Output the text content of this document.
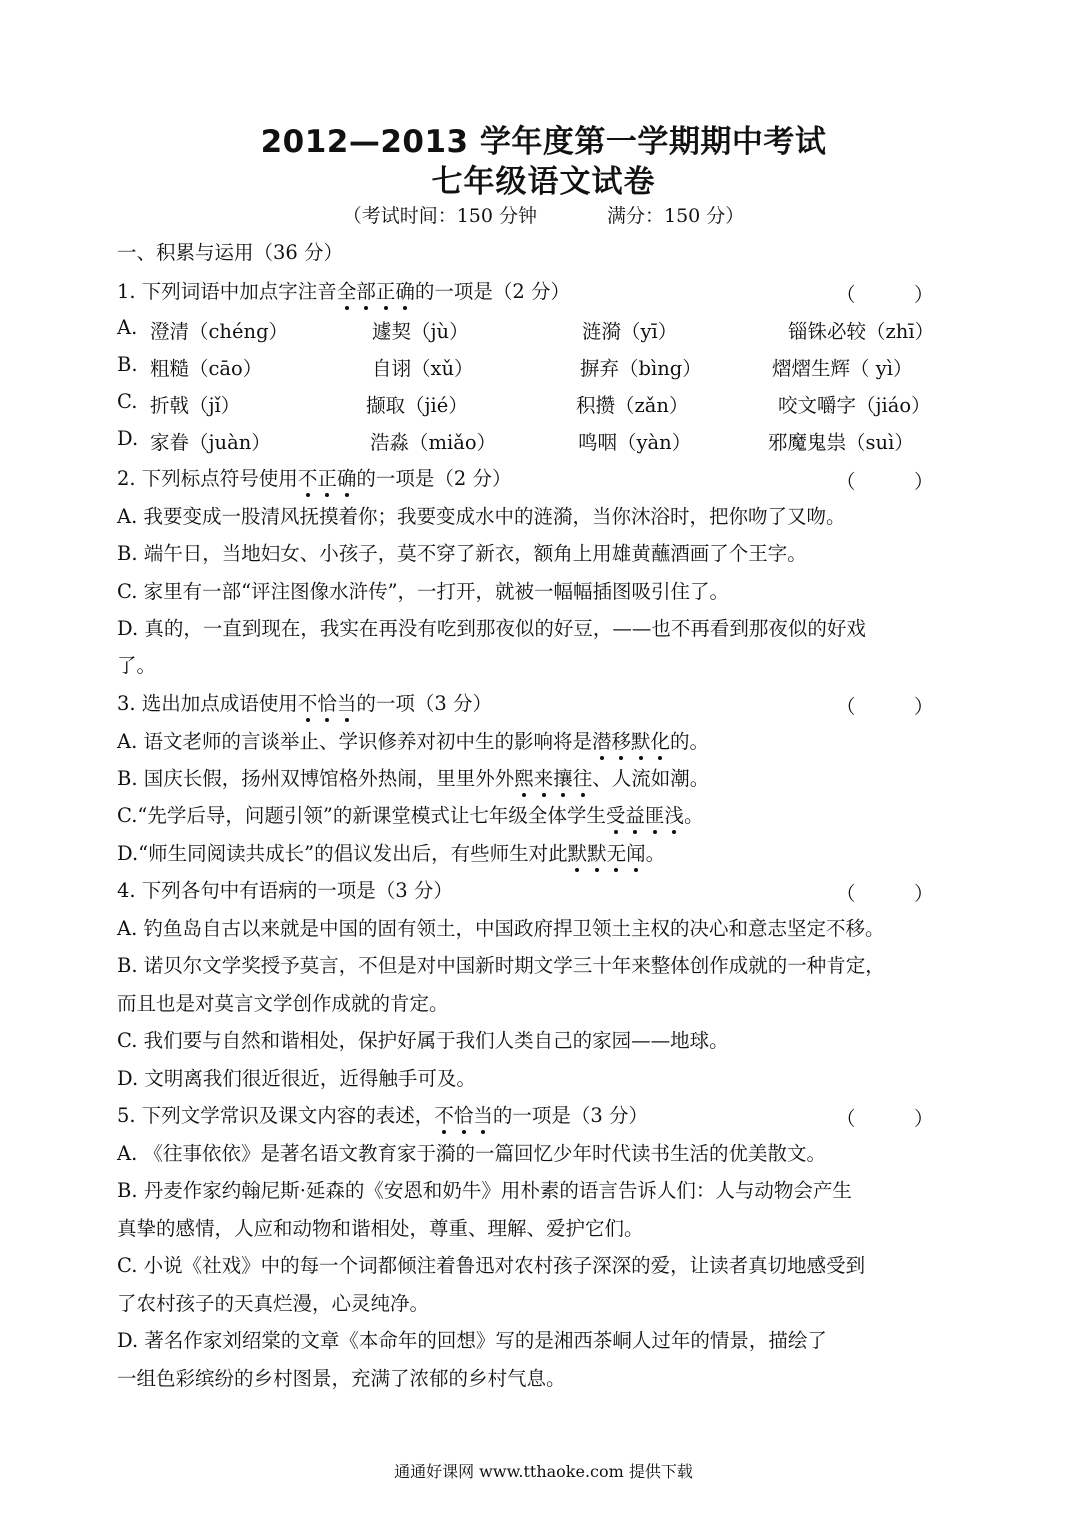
2012—2013 学年度第一学期期中考试
七年级语文试卷
（考试时间：150 分钟	满分：150 分）
一、积累与运用（36 分）
1. 下列词语中加点字注音全部正确的一项是（2 分）	（　　　）
A. 澄清（chéng）	遽契（jù）	涟漪（yī）	锱铢必较（zhī）
B. 粗糙（cāo）	自诩（xǔ）	摒弃（bìng）	熠熠生辉（ yì）
C. 折戟（jǐ）	撷取（jié）	积攒（zǎn）	咬文嚼字（jiáo）
D. 家眷（juàn）	浩淼（miǎo）	鸣咽（yàn）	邪魔鬼祟（suì）
2. 下列标点符号使用不正确的一项是（2 分）	（　　　）
A. 我要变成一股清风抚摸着你；我要变成水中的涟漪，当你沐浴时，把你吻了又吻。
B. 端午日，当地妇女、小孩子，莫不穿了新衣，额角上用雄黄蘸酒画了个王字。
C. 家里有一部“评注图像水浒传”，一打开，就被一幅幅插图吸引住了。
D. 真的，一直到现在，我实在再没有吃到那夜似的好豆，——也不再看到那夜似的好戏
了。
3. 选出加点成语使用不恰当的一项（3 分）	（　　　）
A. 语文老师的言谈举止、学识修养对初中生的影响将是潜移默化的。
B. 国庆长假，扬州双博馆格外热闹，里里外外熙来攘往、人流如潮。
C.“先学后导，问题引领”的新课堂模式让七年级全体学生受益匪浅。
D.“师生同阅读共成长”的倡议发出后，有些师生对此默默无闻。
4. 下列各句中有语病的一项是（3 分）	（　　　）
A. 钓鱼岛自古以来就是中国的固有领土，中国政府捍卫领土主权的决心和意志坚定不移。
B. 诺贝尔文学奖授予莫言，不但是对中国新时期文学三十年来整体创作成就的一种肯定，
而且也是对莫言文学创作成就的肯定。
C. 我们要与自然和谐相处，保护好属于我们人类自己的家园——地球。
D. 文明离我们很近很近，近得触手可及。
5. 下列文学常识及课文内容的表述，不恰当的一项是（3 分）	（　　　）
A. 《往事依依》是著名语文教育家于漪的一篇回忆少年时代读书生活的优美散文。
B. 丹麦作家约翰尼斯·延森的《安恩和奶牛》用朴素的语言告诉人们：人与动物会产生
真挚的感情，人应和动物和谐相处，尊重、理解、爱护它们。
C. 小说《社戏》中的每一个词都倾注着鲁迅对农村孩子深深的爱，让读者真切地感受到
了农村孩子的天真烂漫，心灵纯净。
D. 著名作家刘绍棠的文章《本命年的回想》写的是湘西茶峒人过年的情景，描绘了
一组色彩缤纷的乡村图景，充满了浓郁的乡村气息。
通通好课网 www.tthaoke.com 提供下载
